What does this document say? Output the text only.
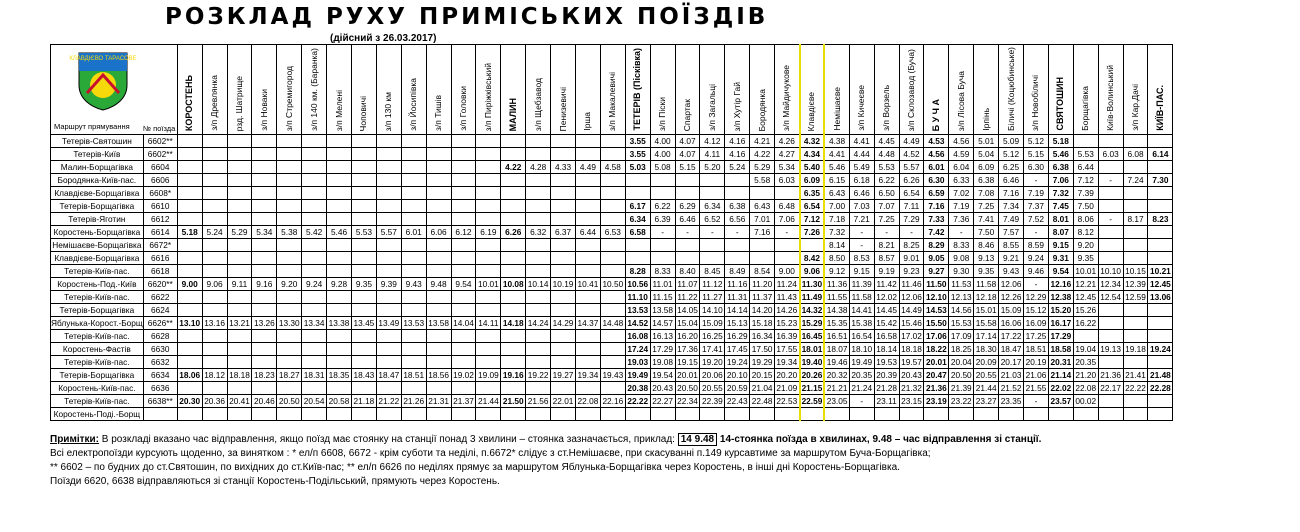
РОЗКЛАД РУХУ ПРИМІСЬКИХ ПОЇЗДІВ
(дійсний з 26.03.2017)
КЛАВДІЄВО ТАРАСОВЕ
Маршрут прямування № поїзда		КОРОСТЕНЬ	з/п Древлянка	рзд. Шатрище	з/п Новаки	з/п Стремигород	з/п 140 км. (Баранка)	з/п Мелені	Чоповичі	з/п 130 км	з/п Йосипівка	з/п Тишів	з/п Головки	з/п Пиріжківський	МАЛИН	з/п Щебзавод	Пенизевичі	Ірша	з/п Макалевичі	ТЕТЕРІВ (Пісківка)	з/п Піски	Спартак	з/п Загальці	з/п Хутір Гай	Бородянка	з/п Майдичукове	Клавдієве	Немішаєве	з/п Кичеєве	з/п Ворзель	з/п Склозавод (Буча)	Б У Ч А	з/п Лісова Буча	Ірпінь	Біличі (Коцюбинське)	з/п Новобіличі	СВЯТОШИН	Борщагівка	Київ-Волинський	з/п Кар.Дачі	КИЇВ-ПАС.
Тетерів-Святошин	6602**																			3.55	4.00	4.07	4.12	4.16	4.21	4.26	4.32	4.38	4.41	4.45	4.49	4.53	4.56	5.01	5.09	5.12	5.18				
Тетерів-Київ	6602**																			3.55	4.00	4.07	4.11	4.16	4.22	4.27	4.34	4.41	4.44	4.48	4.52	4.56	4.59	5.04	5.12	5.15	5.46	5.53	6.03	6.08	6.14
Малин-Борщагівка	6604														4.22	4.28	4.33	4.49	4.58	5.03	5.08	5.15	5.20	5.24	5.29	5.34	5.40	5.46	5.49	5.53	5.57	6.01	6.04	6.09	6.25	6.30	6.38	6.44			
Бородянка-Київ-пас.	6606																								5.58	6.03	6.09	6.15	6.18	6.22	6.26	6.30	6.33	6.38	6.46	-	7.06	7.12	-	7.24	7.30
Клавдієве-Борщагівка	6608*																										6.35	6.43	6.46	6.50	6.54	6.59	7.02	7.08	7.16	7.19	7.32	7.39			
Тетерів-Борщагівка	6610																			6.17	6.22	6.29	6.34	6.38	6.43	6.48	6.54	7.00	7.03	7.07	7.11	7.16	7.19	7.25	7.34	7.37	7.45	7.50			
Тетерів-Яготин	6612																			6.34	6.39	6.46	6.52	6.56	7.01	7.06	7.12	7.18	7.21	7.25	7.29	7.33	7.36	7.41	7.49	7.52	8.01	8.06	-	8.17	8.23
Коростень-Борщагівка	6614	5.18	5.24	5.29	5.34	5.38	5.42	5.46	5.53	5.57	6.01	6.06	6.12	6.19	6.26	6.32	6.37	6.44	6.53	6.58	-	-	-	-	7.16	-	7.26	7.32	-	-	-	7.42	-	7.50	7.57	-	8.07	8.12			
Немішаєве-Борщагівка	6672*																											8.14	-	8.21	8.25	8.29	8.33	8.46	8.55	8.59	9.15	9.20			
Клавдієве-Борщагівка	6616																										8.42	8.50	8.53	8.57	9.01	9.05	9.08	9.13	9.21	9.24	9.31	9.35			
Тетерів-Київ-пас.	6618																			8.28	8.33	8.40	8.45	8.49	8.54	9.00	9.06	9.12	9.15	9.19	9.23	9.27	9.30	9.35	9.43	9.46	9.54	10.01	10.10	10.15	10.21
Коростень-Под.-Київ	6620**	9.00	9.06	9.11	9.16	9.20	9.24	9.28	9.35	9.39	9.43	9.48	9.54	10.01	10.08	10.14	10.19	10.41	10.50	10.56	11.01	11.07	11.12	11.16	11.20	11.24	11.30	11.36	11.39	11.42	11.46	11.50	11.53	11.58	12.06	-	12.16	12.21	12.34	12.39	12.45
Тетерів-Київ-пас.	6622																			11.10	11.15	11.22	11.27	11.31	11.37	11.43	11.49	11.55	11.58	12.02	12.06	12.10	12.13	12.18	12.26	12.29	12.38	12.45	12.54	12.59	13.06
Тетерів-Борщагівка	6624																			13.53	13.58	14.05	14.10	14.14	14.20	14.26	14.32	14.38	14.41	14.45	14.49	14.53	14.56	15.01	15.09	15.12	15.20	15.26			
Яблунька-Корост.-Борщ	6626**	13.10	13.16	13.21	13.26	13.30	13.34	13.38	13.45	13.49	13.53	13.58	14.04	14.11	14.18	14.24	14.29	14.37	14.48	14.52	14.57	15.04	15.09	15.13	15.18	15.23	15.29	15.35	15.38	15.42	15.46	15.50	15.53	15.58	16.06	16.09	16.17	16.22			
Тетерів-Київ-пас.	6628																			16.08	16.13	16.20	16.25	16.29	16.34	16.39	16.45	16.51	16.54	16.58	17.02	17.06	17.09	17.14	17.22	17.25	17.29				
Коростень-Фастів	6630																			17.24	17.29	17.36	17.41	17.45	17.50	17.55	18.01	18.07	18.10	18.14	18.18	18.22	18.25	18.30	18.47	18.51	18.58	19.04	19.13	19.18	19.24
Тетерів-Київ-пас.	6632																			19.03	19.08	19.15	19.20	19.24	19.29	19.34	19.40	19.46	19.49	19.53	19.57	20.01	20.04	20.09	20.17	20.19	20.31	20.35			
Тетерів-Борщагівка	6634	18.06	18.12	18.18	18.23	18.27	18.31	18.35	18.43	18.47	18.51	18.56	19.02	19.09	19.16	19.22	19.27	19.34	19.43	19.49	19.54	20.01	20.06	20.10	20.15	20.20	20.26	20.32	20.35	20.39	20.43	20.47	20.50	20.55	21.03	21.06	21.14	21.20	21.36	21.41	21.48
Коростень-Київ-пас.	6636																			20.38	20.43	20.50	20.55	20.59	21.04	21.09	21.15	21.21	21.24	21.28	21.32	21.36	21.39	21.44	21.52	21.55	22.02	22.08	22.17	22.22	22.28
Тетерів-Київ-пас.	6638**	20.30	20.36	20.41	20.46	20.50	20.54	20.58	21.18	21.22	21.26	21.31	21.37	21.44	21.50	21.56	22.01	22.08	22.16	22.22	22.27	22.34	22.39	22.43	22.48	22.53	22.59	23.05	-	23.11	23.15	23.19	23.22	23.27	23.35	-	23.57	00.02			
Коростень-Поді.-Борщ																																									

Примітки: В розкладі вказано час відправлення, якщо поїзд має стоянку на станції понад 3 хвилини – стоянка зазначається, приклад: 14 9.48 14-стоянка поїзда в хвилинах, 9.48 – час відправлення зі станції.

Всі електропоїзди курсують щоденно, за винятком : * ел/п 6608, 6672 - крім суботи та неділі, п.6672* слідує з ст.Немішаєве, при скасуванні п.149 курсавтиме за маршрутом Буча-Борщагівка;

** 6602 – по будних до ст.Святошин, по вихідних до ст.Київ-пас; ** ел/п 6626 по неділях прямує за маршрутом Яблунька-Борщагівка через Коростень, в інші дні Коростень-Борщагівка.

Поїзди 6620, 6638 відправляються зі станції Коростень-Подільський, прямують через Коростень.
